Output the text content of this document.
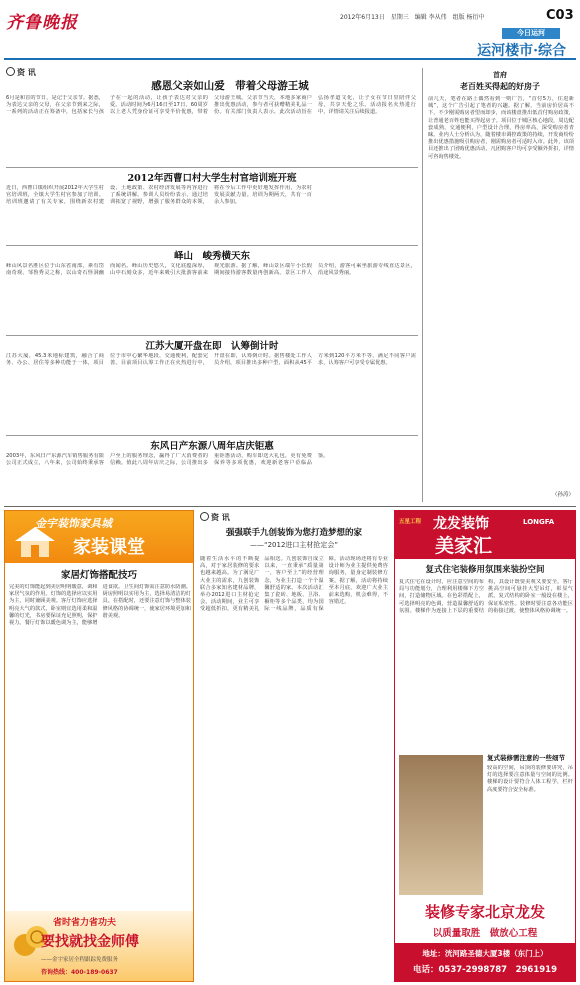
齐鲁晚报	2012年6月13日　星期三　编辑 李从伟　组版 杨衍中	C03
今日运河
运河楼市·综合
资 讯
感恩父亲如山爱　带着父母游王城
6月是和首的节日，是记于父亲节。据悉，为表达父亲的父母，在父亲节到来之际，一系列的活动正在筹备中，包括家长与孩子在一起的活动，让孩子表达对父亲的爱。活动时间为6月16日至17日，60周岁以上老人凭身份证可享受半价优惠，带着父母游王城。父亲节当天，本地多家商户推出优惠活动，参与者可获赠精美礼品一份。有关部门负责人表示，此次活动旨在弘扬孝道文化，让子女在节日里陪伴父母，共享天伦之乐。活动报名火热进行中，详情请关注后续报道。
2012年西曹口村大学生村官培训班开班
近日，西曹口镇组织开展2012年大学生村官培训班，全镇大学生村官参加了培训。培训班邀请了有关专家，围绕新农村建设、土地政策、农村经济发展等内容进行了系统讲解。参训人员纷纷表示，通过培训拓宽了视野，增强了服务群众的本领，将在今后工作中更好地发挥作用，为农村发展贡献力量。培训为期两天，共有一百余人参加。
峄山　峻秀横天东
峄山风景名胜区位于山东省南部，素有岱南奇观、邹鲁秀灵之称，以山奇石怪洞幽而闻名。峄山历史悠久，文化底蕴深厚，山中石刻众多，近年来吸引大批游客前来观光旅游。据了解，峄山景区端午小长假期间接待游客数量再创新高。景区工作人员介绍，游客可乘坐旅游专线直达景区，沿途风景秀丽。
江苏大厦开盘在即　认筹倒计时
江苏大厦，45.3米地标建筑，融合了商务、办公、居住等多种功能于一体，项目位于市中心繁华地段，交通便利，配套完善。目前项目认筹工作正在火热进行中，开盘在即，认筹倒计时。据售楼处工作人员介绍，项目推出多种户型，面积从45平方米到120平方米不等，满足不同客户需求，认筹客户可享受专属优惠。
东风日产东源八周年店庆钜惠
2003年，东风日产东源汽车销售服务有限公司正式成立，八年来，公司始终秉承客户至上的服务理念，赢得了广大消费者的信赖。值此八周年店庆之际，公司推出多重钜惠活动，购车即送大礼包，更有免费保养等多项优惠，欢迎新老客户莅临品鉴。
首府
老百姓买得起的好房子
前几天，笔者在路上偶然看到一则广告，“首付5万，住进新城”，这个广告引起了笔者的兴趣。据了解，当前房价居高不下，不少刚需购房者望而却步，而该楼盘推出低首付购房政策，让普通老百姓也能买得起房子。项目位于城区核心地段，周边配套成熟，交通便利，户型设计合理，得房率高，深受购房者青睐。业内人士分析认为，随着楼市调控政策的持续，开发商纷纷推出优惠措施吸引购房者，刚需购房者可适时入市。此外，该项目还推出了团购优惠活动，凡团购客户均可享受额外折扣，详情可咨询售楼处。
（孙涛）
金宇装饰家具城
家装课堂
家居灯饰搭配技巧
完美的灯饰能起到美居明明暖意，调和家居气氛的作用。灯饰的选择应以实用为主，同时兼顾美观。客厅灯饰应选择明亮大气的款式，卧室则宜选用柔和温馨的灯光，书房要保证充足照明，保护视力。餐厅灯饰以暖色调为主，能够增进食欲。卫生间灯饰需注意防水防潮。厨房照明以实用为主，选择易清洁的灯具。在搭配时，还要注意灯饰与整体装修风格的协调统一，使家居环境更加和谐美观。
省时省力省功夫
要找就找金师傅
——金宇家居全程跟踪免费服务
咨询热线：400-189-0637
资 讯
强强联手九创装饰为您打造梦想的家
——“2012进口主材抢定会”
随着生活水平的不断提高，对于家居装修的要求也越来越高。为了满足广大业主的需求，九创装饰联合多家知名建材品牌，举办2012进口主材抢定会。活动期间，业主可享受超低折扣，更有精美礼品相送。九创装饰自成立以来，一直秉承“质量第一，客户至上”的经营理念，为业主打造一个个温馨舒适的家。本次活动汇集了瓷砖、地板、卫浴、橱柜等多个品类，均为国际一线品牌，品质有保障。活动现场还将有专业设计师为业主提供免费咨询服务，量身定制装修方案。据了解，活动将持续至本月底，欢迎广大业主前来选购，机会难得，不容错过。
五星工程 龙发装饰	LONGFA
美家汇
复式住宅装修用氛围来装扮空间
复式住宅在设计时，应注意空间的布局与功能划分，合理利用楼梯下方空间，打造储物区域。在色彩搭配上，可选择明亮的色调，营造温馨舒适的氛围。楼梯作为连接上下层的重要结构，其设计既要美观又要安全。客厅挑高空间可悬挂大型吊灯，彰显气派。复式结构的卧室一般设在楼上，保证私密性。装修时要注意各功能区的衔接过渡，使整体风格协调统一。
复式装修需注意的一些细节
较高的空间，吊顶的装修要讲究，吊灯的选择要注意体量与空间的比例。楼梯的设计要符合人体工程学，栏杆高度要符合安全标准。
装修专家北京龙发
以质量取胜　做放心工程
地址：洸河路圣德大厦3楼（东门上）
电话：0537-2998787　2961919
